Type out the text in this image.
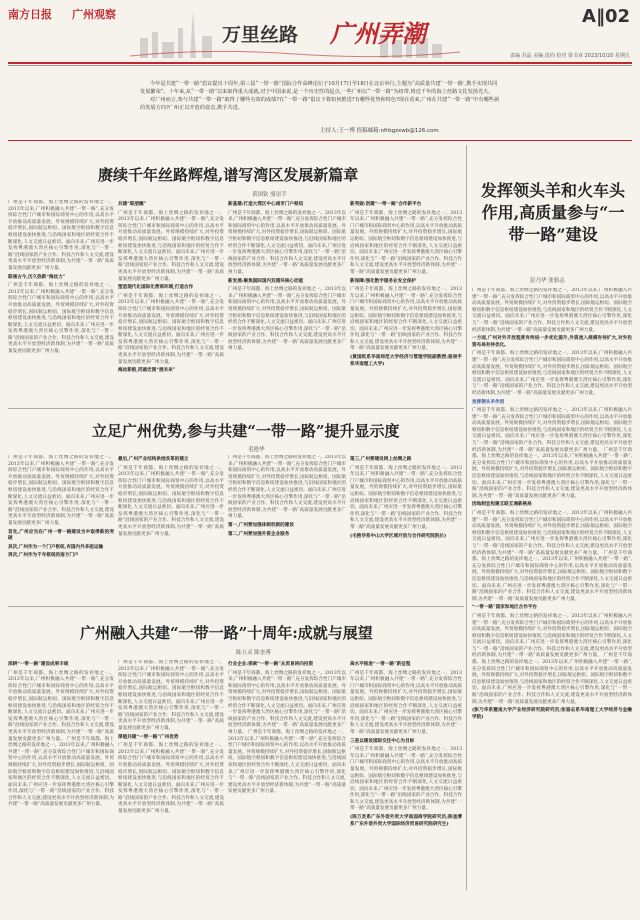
南方日报 广州观察
万里丝路 广州弄潮
A‖02
责编 苏晶 美编 段尚 校对 梁书章 2023/10/20 星期五

今年是共建“一带一路”倡议提出十周年,第三届“一带一路”国际合作高峰论坛于10月17日至18日在北京举行,主题为“高质量共建‘一带一路’,携手实现共同发展繁荣”。十年来,从“一带一路”以来取得重大成就,对于中国来说,是一个历史性的起点,一些广州以“一带一路”为纽带,将近千年的海上丝路文化发扬光大。

对广州而言,参与共建“一带一路”取得了哪些有效的成绩?在“一带一路”倡议下将如何推进?有哪些优势和特色?现在看来,广州在共建“一带一路”中有哪些新的发展方向?广州正以开放的姿态,携手共进。

主持人:王一博 投稿邮箱:nfrbgzxwb@126.com
赓续千年丝路辉煌,谱写湾区发展新篇章
黄国钦 骆崇手
广州是千年商都、海上丝绸之路的发祥地之一。2013年以来,广州积极融入共建“一带一路”,充分发挥综合性门户城市和国际商贸中心的作用,以高水平开放推动高质量发展。外贸规模持续扩大,对外投资稳步增长,国际航运枢纽、国际航空枢纽和数字信息枢纽建设加快推进,与沿线国家和地区的经贸合作不断深化,人文交流日益密切。面向未来,广州应进一步发挥粤港澳大湾区核心引擎作用,深化与“一带一路”沿线国家的产业合作、科技合作和人文交流,建设更高水平开放型经济新体制,为共建“一带一路”高质量发展贡献更多广州力量。
联通古今,历久弥新“海丝力”
广州是千年商都、海上丝绸之路的发祥地之一。2013年以来,广州积极融入共建“一带一路”,充分发挥综合性门户城市和国际商贸中心的作用,以高水平开放推动高质量发展。外贸规模持续扩大,对外投资稳步增长,国际航运枢纽、国际航空枢纽和数字信息枢纽建设加快推进,与沿线国家和地区的经贸合作不断深化,人文交流日益密切。面向未来,广州应进一步发挥粤港澳大湾区核心引擎作用,深化与“一带一路”沿线国家的产业合作、科技合作和人文交流,建设更高水平开放型经济新体制,为共建“一带一路”高质量发展贡献更多广州力量。
共建“联朋圈”
广州是千年商都、海上丝绸之路的发祥地之一。2013年以来,广州积极融入共建“一带一路”,充分发挥综合性门户城市和国际商贸中心的作用,以高水平开放推动高质量发展。外贸规模持续扩大,对外投资稳步增长,国际航运枢纽、国际航空枢纽和数字信息枢纽建设加快推进,与沿线国家和地区的经贸合作不断深化,人文交流日益密切。面向未来,广州应进一步发挥粤港澳大湾区核心引擎作用,深化与“一带一路”沿线国家的产业合作、科技合作和人文交流,建设更高水平开放型经济新体制,为共建“一带一路”高质量发展贡献更多广州力量。
塑造现代化国际化营商环境,打造合作
广州是千年商都、海上丝绸之路的发祥地之一。2013年以来,广州积极融入共建“一带一路”,充分发挥综合性门户城市和国际商贸中心的作用,以高水平开放推动高质量发展。外贸规模持续扩大,对外投资稳步增长,国际航运枢纽、国际航空枢纽和数字信息枢纽建设加快推进,与沿线国家和地区的经贸合作不断深化,人文交流日益密切。面向未来,广州应进一步发挥粤港澳大湾区核心引擎作用,深化与“一带一路”沿线国家的产业合作、科技合作和人文交流,建设更高水平开放型经济新体制,为共建“一带一路”高质量发展贡献更多广州力量。
海丝新韵,同画宏图“展未来”
新基建:打造大湾区中心城市门户枢纽
广州是千年商都、海上丝绸之路的发祥地之一。2013年以来,广州积极融入共建“一带一路”,充分发挥综合性门户城市和国际商贸中心的作用,以高水平开放推动高质量发展。外贸规模持续扩大,对外投资稳步增长,国际航运枢纽、国际航空枢纽和数字信息枢纽建设加快推进,与沿线国家和地区的经贸合作不断深化,人文交流日益密切。面向未来,广州应进一步发挥粤港澳大湾区核心引擎作用,深化与“一带一路”沿线国家的产业合作、科技合作和人文交流,建设更高水平开放型经济新体制,为共建“一带一路”高质量发展贡献更多广州力量。
新发展:聚焦国际国内双循环核心动能
广州是千年商都、海上丝绸之路的发祥地之一。2013年以来,广州积极融入共建“一带一路”,充分发挥综合性门户城市和国际商贸中心的作用,以高水平开放推动高质量发展。外贸规模持续扩大,对外投资稳步增长,国际航运枢纽、国际航空枢纽和数字信息枢纽建设加快推进,与沿线国家和地区的经贸合作不断深化,人文交流日益密切。面向未来,广州应进一步发挥粤港澳大湾区核心引擎作用,深化与“一带一路”沿线国家的产业合作、科技合作和人文交流,建设更高水平开放型经济新体制,为共建“一带一路”高质量发展贡献更多广州力量。
新突破:创建“一带一路”合作新平台
广州是千年商都、海上丝绸之路的发祥地之一。2013年以来,广州积极融入共建“一带一路”,充分发挥综合性门户城市和国际商贸中心的作用,以高水平开放推动高质量发展。外贸规模持续扩大,对外投资稳步增长,国际航运枢纽、国际航空枢纽和数字信息枢纽建设加快推进,与沿线国家和地区的经贸合作不断深化,人文交流日益密切。面向未来,广州应进一步发挥粤港澳大湾区核心引擎作用,深化与“一带一路”沿线国家的产业合作、科技合作和人文交流,建设更高水平开放型经济新体制,为共建“一带一路”高质量发展贡献更多广州力量。
新保障:强化数字服务业安全保护
广州是千年商都、海上丝绸之路的发祥地之一。2013年以来,广州积极融入共建“一带一路”,充分发挥综合性门户城市和国际商贸中心的作用,以高水平开放推动高质量发展。外贸规模持续扩大,对外投资稳步增长,国际航运枢纽、国际航空枢纽和数字信息枢纽建设加快推进,与沿线国家和地区的经贸合作不断深化,人文交流日益密切。面向未来,广州应进一步发挥粤港澳大湾区核心引擎作用,深化与“一带一路”沿线国家的产业合作、科技合作和人文交流,建设更高水平开放型经济新体制,为共建“一带一路”高质量发展贡献更多广州力量。
(黄国钦系华南师范大学经济与管理学院副教授;骆崇手系华南理工大学)
发挥领头羊和火车头作用,高质量参与“一带一路”建设
彭乃华 张骆志
广州是千年商都、海上丝绸之路的发祥地之一。2013年以来,广州积极融入共建“一带一路”,充分发挥综合性门户城市和国际商贸中心的作用,以高水平开放推动高质量发展。外贸规模持续扩大,对外投资稳步增长,国际航运枢纽、国际航空枢纽和数字信息枢纽建设加快推进,与沿线国家和地区的经贸合作不断深化,人文交流日益密切。面向未来,广州应进一步发挥粤港澳大湾区核心引擎作用,深化与“一带一路”沿线国家的产业合作、科技合作和人文交流,建设更高水平开放型经济新体制,为共建“一带一路”高质量发展贡献更多广州力量。
一方面,广州对外开放程度有待进一步优化提升,外资流入规模有待扩大,对外投资布局有待优化。
广州是千年商都、海上丝绸之路的发祥地之一。2013年以来,广州积极融入共建“一带一路”,充分发挥综合性门户城市和国际商贸中心的作用,以高水平开放推动高质量发展。外贸规模持续扩大,对外投资稳步增长,国际航运枢纽、国际航空枢纽和数字信息枢纽建设加快推进,与沿线国家和地区的经贸合作不断深化,人文交流日益密切。面向未来,广州应进一步发挥粤港澳大湾区核心引擎作用,深化与“一带一路”沿线国家的产业合作、科技合作和人文交流,建设更高水平开放型经济新体制,为共建“一带一路”高质量发展贡献更多广州力量。
发挥领头羊作用
广州是千年商都、海上丝绸之路的发祥地之一。2013年以来,广州积极融入共建“一带一路”,充分发挥综合性门户城市和国际商贸中心的作用,以高水平开放推动高质量发展。外贸规模持续扩大,对外投资稳步增长,国际航运枢纽、国际航空枢纽和数字信息枢纽建设加快推进,与沿线国家和地区的经贸合作不断深化,人文交流日益密切。面向未来,广州应进一步发挥粤港澳大湾区核心引擎作用,深化与“一带一路”沿线国家的产业合作、科技合作和人文交流,建设更高水平开放型经济新体制,为共建“一带一路”高质量发展贡献更多广州力量。 广州是千年商都、海上丝绸之路的发祥地之一。2013年以来,广州积极融入共建“一带一路”,充分发挥综合性门户城市和国际商贸中心的作用,以高水平开放推动高质量发展。外贸规模持续扩大,对外投资稳步增长,国际航运枢纽、国际航空枢纽和数字信息枢纽建设加快推进,与沿线国家和地区的经贸合作不断深化,人文交流日益密切。面向未来,广州应进一步发挥粤港澳大湾区核心引擎作用,深化与“一带一路”沿线国家的产业合作、科技合作和人文交流,建设更高水平开放型经济新体制,为共建“一带一路”高质量发展贡献更多广州力量。
因地制宜构建互联互通新格局
广州是千年商都、海上丝绸之路的发祥地之一。2013年以来,广州积极融入共建“一带一路”,充分发挥综合性门户城市和国际商贸中心的作用,以高水平开放推动高质量发展。外贸规模持续扩大,对外投资稳步增长,国际航运枢纽、国际航空枢纽和数字信息枢纽建设加快推进,与沿线国家和地区的经贸合作不断深化,人文交流日益密切。面向未来,广州应进一步发挥粤港澳大湾区核心引擎作用,深化与“一带一路”沿线国家的产业合作、科技合作和人文交流,建设更高水平开放型经济新体制,为共建“一带一路”高质量发展贡献更多广州力量。 广州是千年商都、海上丝绸之路的发祥地之一。2013年以来,广州积极融入共建“一带一路”,充分发挥综合性门户城市和国际商贸中心的作用,以高水平开放推动高质量发展。外贸规模持续扩大,对外投资稳步增长,国际航运枢纽、国际航空枢纽和数字信息枢纽建设加快推进,与沿线国家和地区的经贸合作不断深化,人文交流日益密切。面向未来,广州应进一步发挥粤港澳大湾区核心引擎作用,深化与“一带一路”沿线国家的产业合作、科技合作和人文交流,建设更高水平开放型经济新体制,为共建“一带一路”高质量发展贡献更多广州力量。
“一带一路”国家和地区合作平台
广州是千年商都、海上丝绸之路的发祥地之一。2013年以来,广州积极融入共建“一带一路”,充分发挥综合性门户城市和国际商贸中心的作用,以高水平开放推动高质量发展。外贸规模持续扩大,对外投资稳步增长,国际航运枢纽、国际航空枢纽和数字信息枢纽建设加快推进,与沿线国家和地区的经贸合作不断深化,人文交流日益密切。面向未来,广州应进一步发挥粤港澳大湾区核心引擎作用,深化与“一带一路”沿线国家的产业合作、科技合作和人文交流,建设更高水平开放型经济新体制,为共建“一带一路”高质量发展贡献更多广州力量。 广州是千年商都、海上丝绸之路的发祥地之一。2013年以来,广州积极融入共建“一带一路”,充分发挥综合性门户城市和国际商贸中心的作用,以高水平开放推动高质量发展。外贸规模持续扩大,对外投资稳步增长,国际航运枢纽、国际航空枢纽和数字信息枢纽建设加快推进,与沿线国家和地区的经贸合作不断深化,人文交流日益密切。面向未来,广州应进一步发挥粤港澳大湾区核心引擎作用,深化与“一带一路”沿线国家的产业合作、科技合作和人文交流,建设更高水平开放型经济新体制,为共建“一带一路”高质量发展贡献更多广州力量。
(彭乃华系暨南大学产业经济研究院研究员;张骆志系华南理工大学经济与金融学院)
立足广州优势,参与共建“一带一路”提升显示度
毛艳华
广州是千年商都、海上丝绸之路的发祥地之一。2013年以来,广州积极融入共建“一带一路”,充分发挥综合性门户城市和国际商贸中心的作用,以高水平开放推动高质量发展。外贸规模持续扩大,对外投资稳步增长,国际航运枢纽、国际航空枢纽和数字信息枢纽建设加快推进,与沿线国家和地区的经贸合作不断深化,人文交流日益密切。面向未来,广州应进一步发挥粤港澳大湾区核心引擎作用,深化与“一带一路”沿线国家的产业合作、科技合作和人文交流,建设更高水平开放型经济新体制,为共建“一带一路”高质量发展贡献更多广州力量。
首先,广州应当在广州一带一路建设当中取得新的突破
其次,广州作为一个门户枢纽,有国内外多能运输
再次,广州作为千年枢纽的南方门户
最后,广州产业结构供给改革的建立
广州是千年商都、海上丝绸之路的发祥地之一。2013年以来,广州积极融入共建“一带一路”,充分发挥综合性门户城市和国际商贸中心的作用,以高水平开放推动高质量发展。外贸规模持续扩大,对外投资稳步增长,国际航运枢纽、国际航空枢纽和数字信息枢纽建设加快推进,与沿线国家和地区的经贸合作不断深化,人文交流日益密切。面向未来,广州应进一步发挥粤港澳大湾区核心引擎作用,深化与“一带一路”沿线国家的产业合作、科技合作和人文交流,建设更高水平开放型经济新体制,为共建“一带一路”高质量发展贡献更多广州力量。
广州是千年商都、海上丝绸之路的发祥地之一。2013年以来,广州积极融入共建“一带一路”,充分发挥综合性门户城市和国际商贸中心的作用,以高水平开放推动高质量发展。外贸规模持续扩大,对外投资稳步增长,国际航运枢纽、国际航空枢纽和数字信息枢纽建设加快推进,与沿线国家和地区的经贸合作不断深化,人文交流日益密切。面向未来,广州应进一步发挥粤港澳大湾区核心引擎作用,深化与“一带一路”沿线国家的产业合作、科技合作和人文交流,建设更高水平开放型经济新体制,为共建“一带一路”高质量发展贡献更多广州力量。
第一,广州要加强体制机制的建设
第二,广州要加强外资企业服务
第三,广州要建设网上丝绸之路
广州是千年商都、海上丝绸之路的发祥地之一。2013年以来,广州积极融入共建“一带一路”,充分发挥综合性门户城市和国际商贸中心的作用,以高水平开放推动高质量发展。外贸规模持续扩大,对外投资稳步增长,国际航运枢纽、国际航空枢纽和数字信息枢纽建设加快推进,与沿线国家和地区的经贸合作不断深化,人文交流日益密切。面向未来,广州应进一步发挥粤港澳大湾区核心引擎作用,深化与“一带一路”沿线国家的产业合作、科技合作和人文交流,建设更高水平开放型经济新体制,为共建“一带一路”高质量发展贡献更多广州力量。
(毛艳华系中山大学区域开放与合作研究院院长)
广州融入共建“一带一路”十周年:成就与展望
陈万灵 陈奎溥
深耕“一带一路”建设成果丰硕
广州是千年商都、海上丝绸之路的发祥地之一。2013年以来,广州积极融入共建“一带一路”,充分发挥综合性门户城市和国际商贸中心的作用,以高水平开放推动高质量发展。外贸规模持续扩大,对外投资稳步增长,国际航运枢纽、国际航空枢纽和数字信息枢纽建设加快推进,与沿线国家和地区的经贸合作不断深化,人文交流日益密切。面向未来,广州应进一步发挥粤港澳大湾区核心引擎作用,深化与“一带一路”沿线国家的产业合作、科技合作和人文交流,建设更高水平开放型经济新体制,为共建“一带一路”高质量发展贡献更多广州力量。 广州是千年商都、海上丝绸之路的发祥地之一。2013年以来,广州积极融入共建“一带一路”,充分发挥综合性门户城市和国际商贸中心的作用,以高水平开放推动高质量发展。外贸规模持续扩大,对外投资稳步增长,国际航运枢纽、国际航空枢纽和数字信息枢纽建设加快推进,与沿线国家和地区的经贸合作不断深化,人文交流日益密切。面向未来,广州应进一步发挥粤港澳大湾区核心引擎作用,深化与“一带一路”沿线国家的产业合作、科技合作和人文交流,建设更高水平开放型经济新体制,为共建“一带一路”高质量发展贡献更多广州力量。
广州是千年商都、海上丝绸之路的发祥地之一。2013年以来,广州积极融入共建“一带一路”,充分发挥综合性门户城市和国际商贸中心的作用,以高水平开放推动高质量发展。外贸规模持续扩大,对外投资稳步增长,国际航运枢纽、国际航空枢纽和数字信息枢纽建设加快推进,与沿线国家和地区的经贸合作不断深化,人文交流日益密切。面向未来,广州应进一步发挥粤港澳大湾区核心引擎作用,深化与“一带一路”沿线国家的产业合作、科技合作和人文交流,建设更高水平开放型经济新体制,为共建“一带一路”高质量发展贡献更多广州力量。
厚植共建“一带一路”广州优势
广州是千年商都、海上丝绸之路的发祥地之一。2013年以来,广州积极融入共建“一带一路”,充分发挥综合性门户城市和国际商贸中心的作用,以高水平开放推动高质量发展。外贸规模持续扩大,对外投资稳步增长,国际航运枢纽、国际航空枢纽和数字信息枢纽建设加快推进,与沿线国家和地区的经贸合作不断深化,人文交流日益密切。面向未来,广州应进一步发挥粤港澳大湾区核心引擎作用,深化与“一带一路”沿线国家的产业合作、科技合作和人文交流,建设更高水平开放型经济新体制,为共建“一带一路”高质量发展贡献更多广州力量。
行业企业:探索“一带一路”从贸易转向投资
广州是千年商都、海上丝绸之路的发祥地之一。2013年以来,广州积极融入共建“一带一路”,充分发挥综合性门户城市和国际商贸中心的作用,以高水平开放推动高质量发展。外贸规模持续扩大,对外投资稳步增长,国际航运枢纽、国际航空枢纽和数字信息枢纽建设加快推进,与沿线国家和地区的经贸合作不断深化,人文交流日益密切。面向未来,广州应进一步发挥粤港澳大湾区核心引擎作用,深化与“一带一路”沿线国家的产业合作、科技合作和人文交流,建设更高水平开放型经济新体制,为共建“一带一路”高质量发展贡献更多广州力量。 广州是千年商都、海上丝绸之路的发祥地之一。2013年以来,广州积极融入共建“一带一路”,充分发挥综合性门户城市和国际商贸中心的作用,以高水平开放推动高质量发展。外贸规模持续扩大,对外投资稳步增长,国际航运枢纽、国际航空枢纽和数字信息枢纽建设加快推进,与沿线国家和地区的经贸合作不断深化,人文交流日益密切。面向未来,广州应进一步发挥粤港澳大湾区核心引擎作用,深化与“一带一路”沿线国家的产业合作、科技合作和人文交流,建设更高水平开放型经济新体制,为共建“一带一路”高质量发展贡献更多广州力量。
高水平推进“一带一路”新征程
广州是千年商都、海上丝绸之路的发祥地之一。2013年以来,广州积极融入共建“一带一路”,充分发挥综合性门户城市和国际商贸中心的作用,以高水平开放推动高质量发展。外贸规模持续扩大,对外投资稳步增长,国际航运枢纽、国际航空枢纽和数字信息枢纽建设加快推进,与沿线国家和地区的经贸合作不断深化,人文交流日益密切。面向未来,广州应进一步发挥粤港澳大湾区核心引擎作用,深化与“一带一路”沿线国家的产业合作、科技合作和人文交流,建设更高水平开放型经济新体制,为共建“一带一路”高质量发展贡献更多广州力量。
三是以建设国际交往中心为目标
广州是千年商都、海上丝绸之路的发祥地之一。2013年以来,广州积极融入共建“一带一路”,充分发挥综合性门户城市和国际商贸中心的作用,以高水平开放推动高质量发展。外贸规模持续扩大,对外投资稳步增长,国际航运枢纽、国际航空枢纽和数字信息枢纽建设加快推进,与沿线国家和地区的经贸合作不断深化,人文交流日益密切。面向未来,广州应进一步发挥粤港澳大湾区核心引擎作用,深化与“一带一路”沿线国家的产业合作、科技合作和人文交流,建设更高水平开放型经济新体制,为共建“一带一路”高质量发展贡献更多广州力量。
(陈万灵系广东外语外贸大学南国商学院研究员;陈奎溥系广东外语外贸大学国际经济贸易研究院研究生)
